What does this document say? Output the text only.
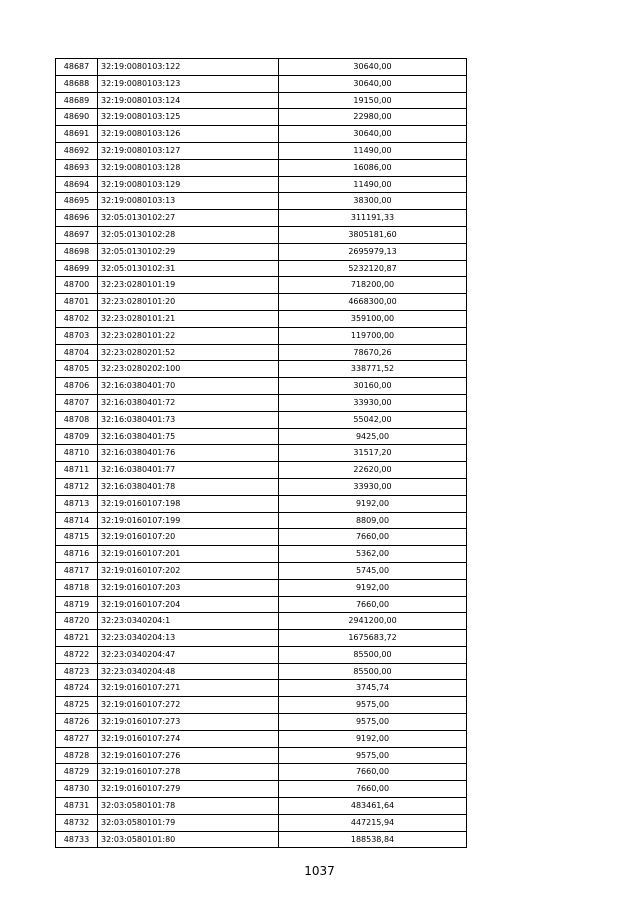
48687	32:19:0080103:122	30640,00
48688	32:19:0080103:123	30640,00
48689	32:19:0080103:124	19150,00
48690	32:19:0080103:125	22980,00
48691	32:19:0080103:126	30640,00
48692	32:19:0080103:127	11490,00
48693	32:19:0080103:128	16086,00
48694	32:19:0080103:129	11490,00
48695	32:19:0080103:13	38300,00
48696	32:05:0130102:27	311191,33
48697	32:05:0130102:28	3805181,60
48698	32:05:0130102:29	2695979,13
48699	32:05:0130102:31	5232120,87
48700	32:23:0280101:19	718200,00
48701	32:23:0280101:20	4668300,00
48702	32:23:0280101:21	359100,00
48703	32:23:0280101:22	119700,00
48704	32:23:0280201:52	78670,26
48705	32:23:0280202:100	338771,52
48706	32:16:0380401:70	30160,00
48707	32:16:0380401:72	33930,00
48708	32:16:0380401:73	55042,00
48709	32:16:0380401:75	9425,00
48710	32:16:0380401:76	31517,20
48711	32:16:0380401:77	22620,00
48712	32:16:0380401:78	33930,00
48713	32:19:0160107:198	9192,00
48714	32:19:0160107:199	8809,00
48715	32:19:0160107:20	7660,00
48716	32:19:0160107:201	5362,00
48717	32:19:0160107:202	5745,00
48718	32:19:0160107:203	9192,00
48719	32:19:0160107:204	7660,00
48720	32:23:0340204:1	2941200,00
48721	32:23:0340204:13	1675683,72
48722	32:23:0340204:47	85500,00
48723	32:23:0340204:48	85500,00
48724	32:19:0160107:271	3745,74
48725	32:19:0160107:272	9575,00
48726	32:19:0160107:273	9575,00
48727	32:19:0160107:274	9192,00
48728	32:19:0160107:276	9575,00
48729	32:19:0160107:278	7660,00
48730	32:19:0160107:279	7660,00
48731	32:03:0580101:78	483461,64
48732	32:03:0580101:79	447215,94
48733	32:03:0580101:80	188538,84
1037
